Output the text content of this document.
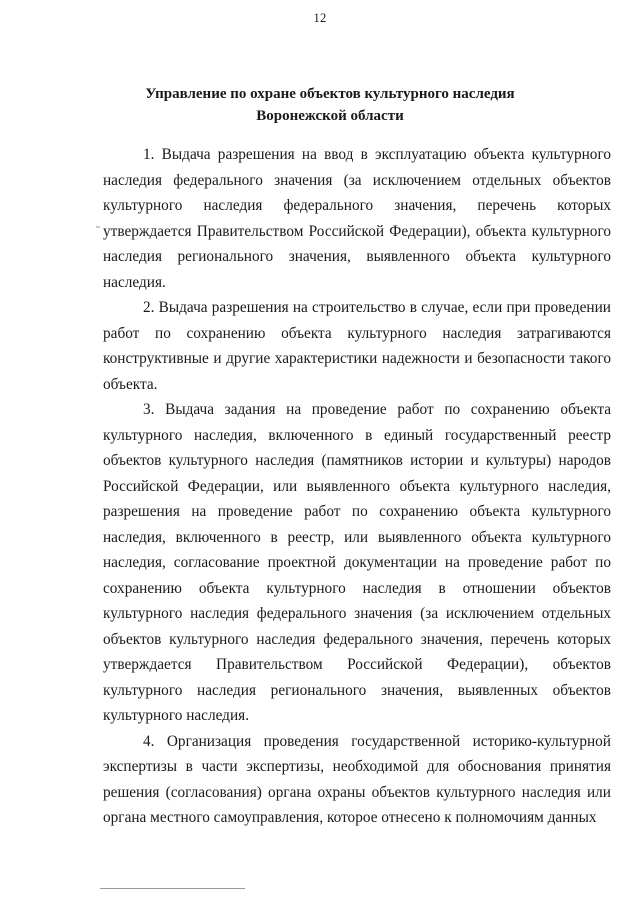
12
Управление по охране объектов культурного наследия
Воронежской области

1. Выдача разрешения на ввод в эксплуатацию объекта культурного наследия федерального значения (за исключением отдельных объектов культурного наследия федерального значения, перечень которых утверждается Правительством Российской Федерации), объекта культурного наследия регионального значения, выявленного объекта культурного наследия.

2. Выдача разрешения на строительство в случае, если при проведении работ по сохранению объекта культурного наследия затрагиваются конструктивные и другие характеристики надежности и безопасности такого объекта.

3. Выдача задания на проведение работ по сохранению объекта культурного наследия, включенного в единый государственный реестр объектов культурного наследия (памятников истории и культуры) народов Российской Федерации, или выявленного объекта культурного наследия, разрешения на проведение работ по сохранению объекта культурного наследия, включенного в реестр, или выявленного объекта культурного наследия, согласование проектной документации на проведение работ по сохранению объекта культурного наследия в отношении объектов культурного наследия федерального значения (за исключением отдельных объектов культурного наследия федерального значения, перечень которых утверждается Правительством Российской Федерации), объектов культурного наследия регионального значения, выявленных объектов культурного наследия.

4. Организация проведения государственной историко-культурной экспертизы в части экспертизы, необходимой для обоснования принятия решения (согласования) органа охраны объектов культурного наследия или органа местного самоуправления, которое отнесено к полномочиям данных
